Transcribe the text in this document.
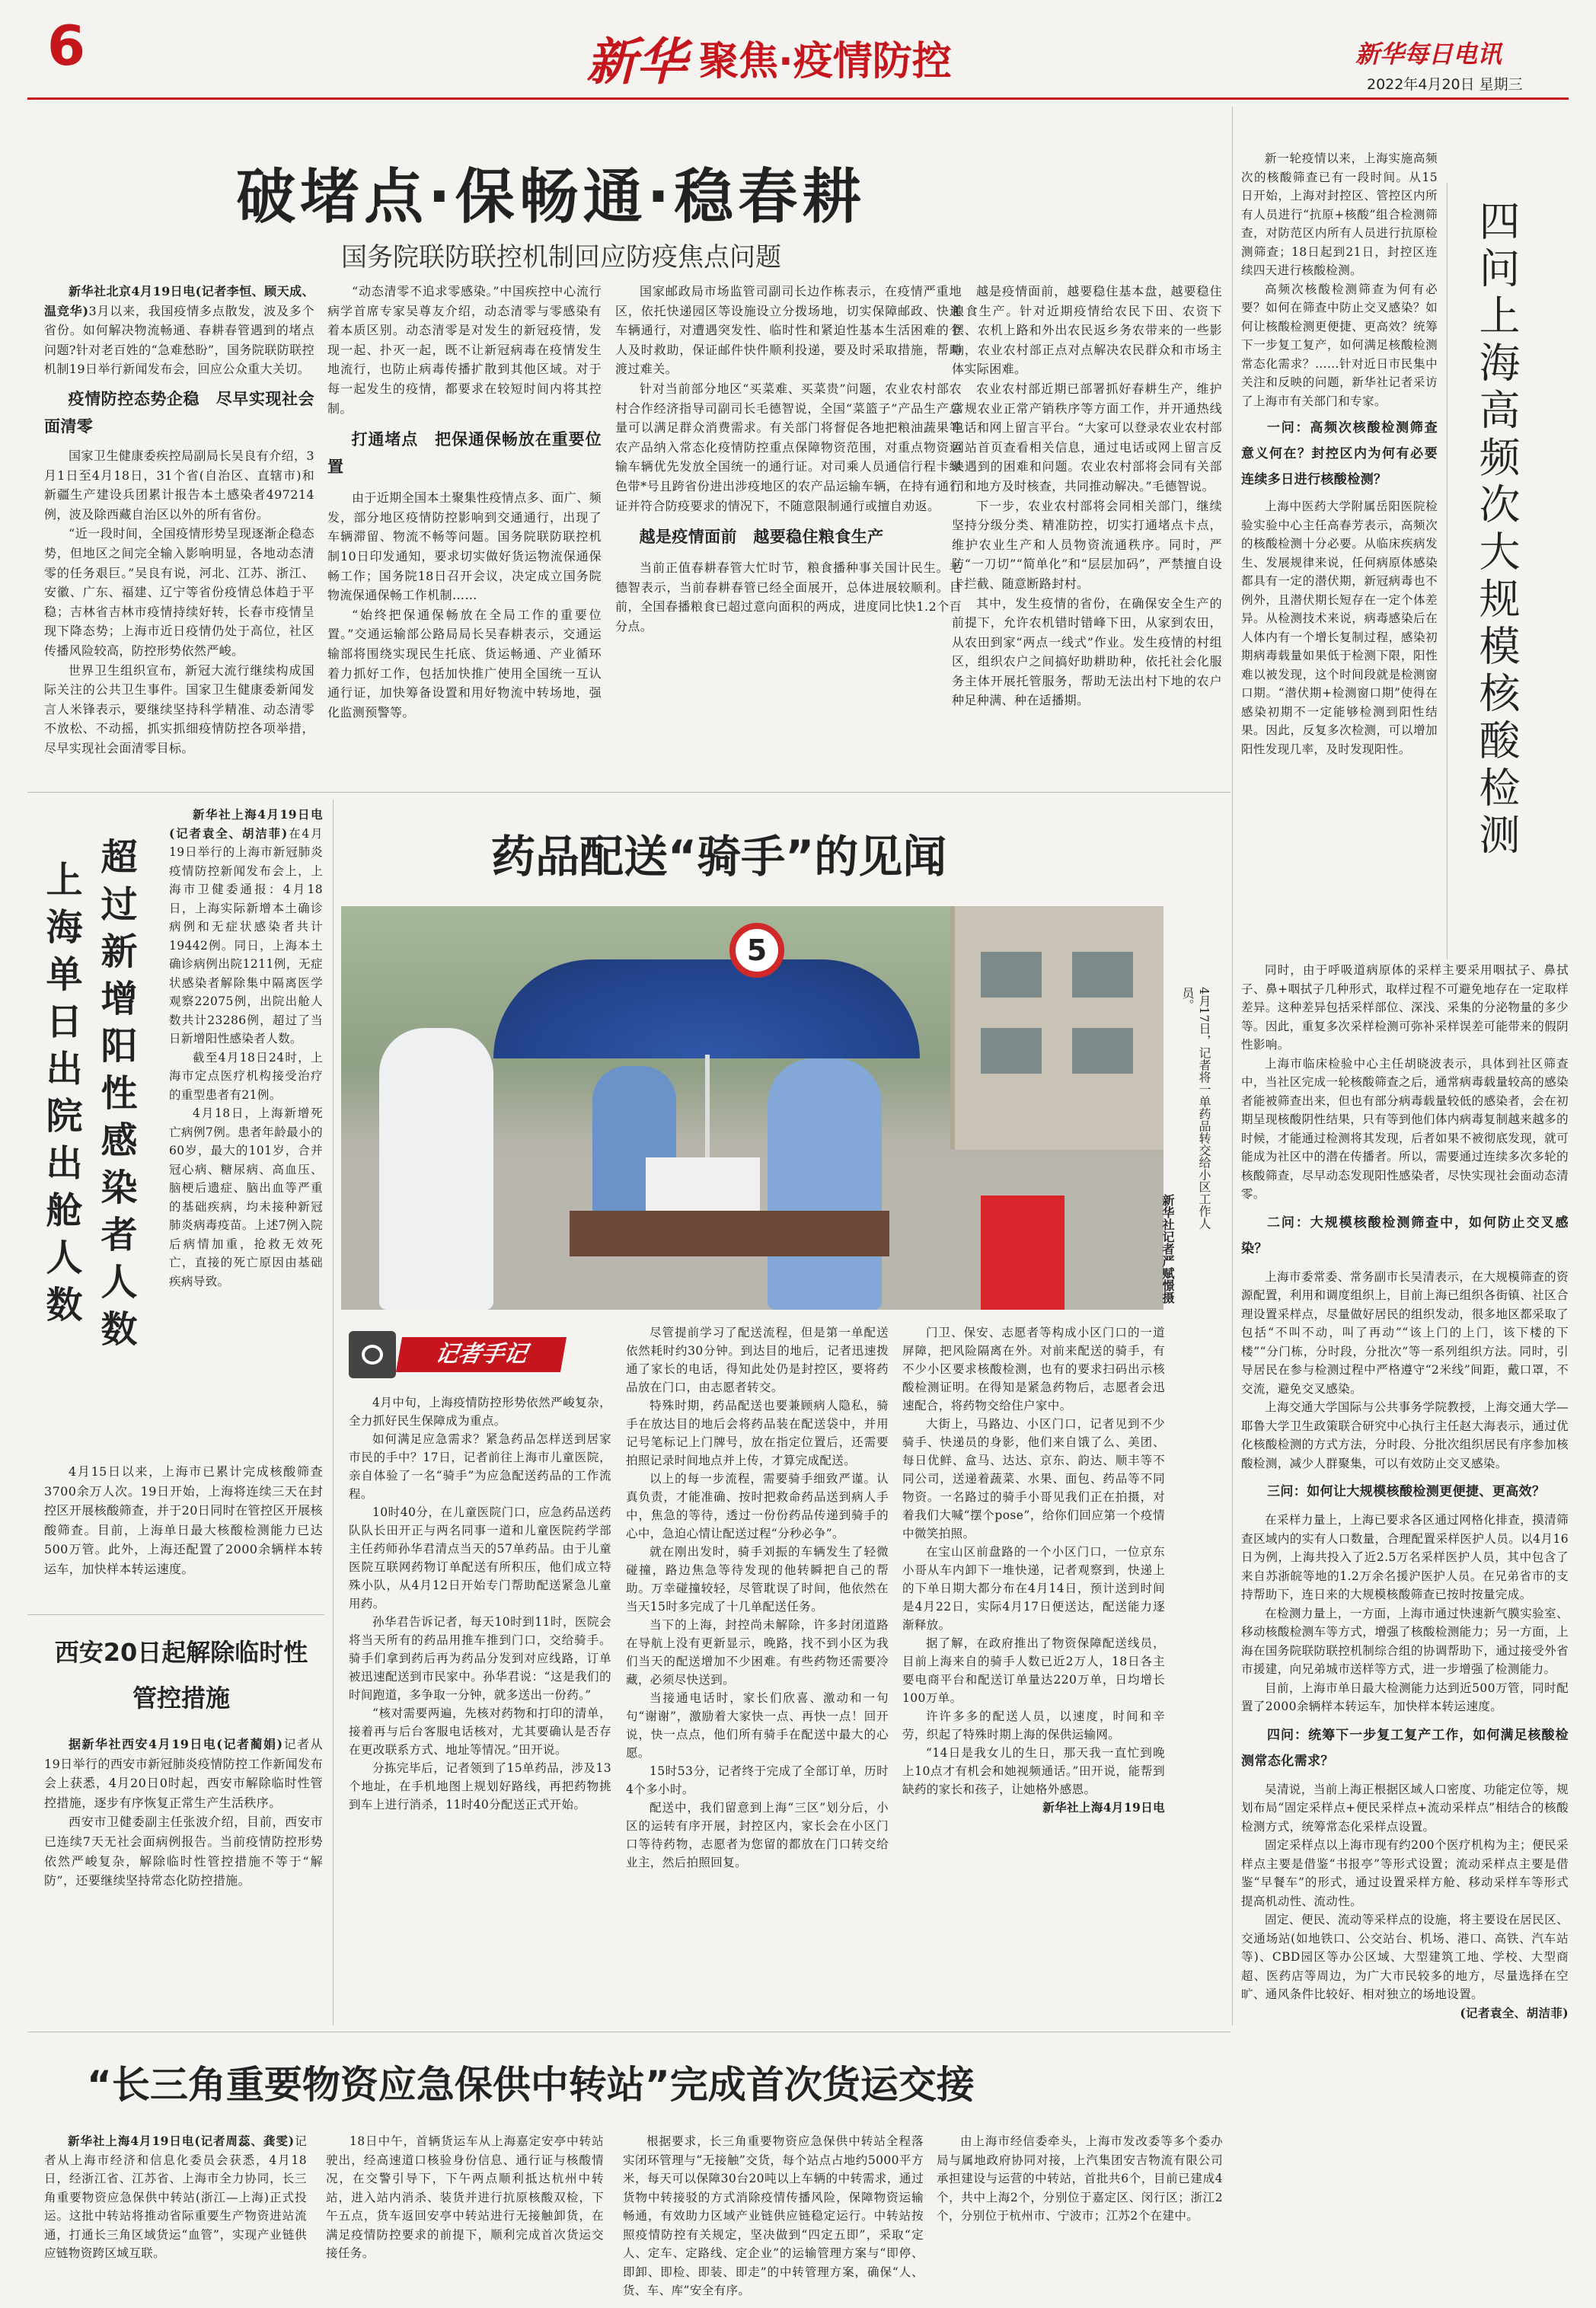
6	新华 聚焦·疫情防控	新华每日电讯
2022年4月20日 星期三
破堵点·保畅通·稳春耕
国务院联防联控机制回应防疫焦点问题

新华社北京4月19日电(记者李恒、顾天成、温竞华)3月以来，我国疫情多点散发，波及多个省份。如何解决物流畅通、春耕春管遇到的堵点问题?针对老百姓的“急难愁盼”，国务院联防联控机制19日举行新闻发布会，回应公众重大关切。

疫情防控态势企稳　尽早实现社会面清零

国家卫生健康委疾控局副局长吴良有介绍，3月1日至4月18日，31个省(自治区、直辖市)和新疆生产建设兵团累计报告本土感染者497214例，波及除西藏自治区以外的所有省份。

“近一段时间，全国疫情形势呈现逐渐企稳态势，但地区之间完全输入影响明显，各地动态清零的任务艰巨。”吴良有说，河北、江苏、浙江、安徽、广东、福建、辽宁等省份疫情总体趋于平稳；吉林省吉林市疫情持续好转，长春市疫情呈现下降态势；上海市近日疫情仍处于高位，社区传播风险较高，防控形势依然严峻。

世界卫生组织宣布，新冠大流行继续构成国际关注的公共卫生事件。国家卫生健康委新闻发言人米锋表示，要继续坚持科学精准、动态清零不放松、不动摇，抓实抓细疫情防控各项举措，尽早实现社会面清零目标。

“动态清零不追求零感染。”中国疾控中心流行病学首席专家吴尊友介绍，动态清零与零感染有着本质区别。动态清零是对发生的新冠疫情，发现一起、扑灭一起，既不让新冠病毒在疫情发生地流行，也防止病毒传播扩散到其他区域。对于每一起发生的疫情，都要求在较短时间内将其控制。

打通堵点　把保通保畅放在重要位置

由于近期全国本土聚集性疫情点多、面广、频发，部分地区疫情防控影响到交通通行，出现了车辆滞留、物流不畅等问题。国务院联防联控机制10日印发通知，要求切实做好货运物流保通保畅工作；国务院18日召开会议，决定成立国务院物流保通保畅工作机制……

“始终把保通保畅放在全局工作的重要位置。”交通运输部公路局局长吴春耕表示，交通运输部将围绕实现民生托底、货运畅通、产业循环着力抓好工作，包括加快推广使用全国统一互认通行证，加快筹备设置和用好物流中转场地，强化监测预警等。

国家邮政局市场监管司副司长边作栋表示，在疫情严重地区，依托快递园区等设施设立分拨场地，切实保障邮政、快递车辆通行，对遭遇突发性、临时性和紧迫性基本生活困难的个人及时救助，保证邮件快件顺利投递，要及时采取措施，帮助渡过难关。

针对当前部分地区“买菜难、买菜贵”问题，农业农村部农村合作经济指导司副司长毛德智说，全国“菜篮子”产品生产总量可以满足群众消费需求。有关部门将督促各地把粮油蔬果等农产品纳入常态化疫情防控重点保障物资范围，对重点物资运输车辆优先发放全国统一的通行证。对司乘人员通信行程卡绿色带*号且跨省份进出涉疫地区的农产品运输车辆，在持有通行证并符合防疫要求的情况下，不随意限制通行或擅自劝返。

越是疫情面前　越要稳住粮食生产

当前正值春耕春管大忙时节，粮食播种事关国计民生。毛德智表示，当前春耕春管已经全面展开，总体进展较顺利。目前，全国春播粮食已超过意向面积的两成，进度同比快1.2个百分点。

越是疫情面前，越要稳住基本盘，越要稳住粮食生产。针对近期疫情给农民下田、农资下摆、农机上路和外出农民返乡务农带来的一些影响，农业农村部正点对点解决农民群众和市场主体实际困难。

农业农村部近期已部署抓好春耕生产，维护常规农业正常产销秩序等方面工作，并开通热线电话和网上留言平台。“大家可以登录农业农村部网站首页查看相关信息，通过电话或网上留言反映遇到的困难和问题。农业农村部将会同有关部门和地方及时核查，共同推动解决。”毛德智说。

下一步，农业农村部将会同相关部门，继续坚持分级分类、精准防控，切实打通堵点卡点，维护农业生产和人员物资流通秩序。同时，严防“一刀切”“简单化”和“层层加码”，严禁擅自设卡拦截、随意断路封村。

其中，发生疫情的省份，在确保安全生产的前提下，允许农机错时错峰下田，从家到农田，从农田到家“两点一线式”作业。发生疫情的村组区，组织农户之间搞好助耕助种，依托社会化服务主体开展托管服务，帮助无法出村下地的农户种足种满、种在适播期。

上海单日出院出舱人数 超过新增阳性感染者人数

新华社上海4月19日电(记者袁全、胡洁菲)在4月19日举行的上海市新冠肺炎疫情防控新闻发布会上，上海市卫健委通报：4月18日，上海实际新增本土确诊病例和无症状感染者共计19442例。同日，上海本土确诊病例出院1211例，无症状感染者解除集中隔离医学观察22075例，出院出舱人数共计23286例，超过了当日新增阳性感染者人数。

截至4月18日24时，上海市定点医疗机构接受治疗的重型患者有21例。

4月18日，上海新增死亡病例7例。患者年龄最小的60岁，最大的101岁，合并冠心病、糖尿病、高血压、脑梗后遗症、脑出血等严重的基础疾病，均未接种新冠肺炎病毒疫苗。上述7例入院后病情加重，抢救无效死亡，直接的死亡原因由基础疾病导致。

4月15日以来，上海市已累计完成核酸筛查3700余万人次。19日开始，上海将连续三天在封控区开展核酸筛查，并于20日同时在管控区开展核酸筛查。目前，上海单日最大核酸检测能力已达500万管。此外，上海还配置了2000余辆样本转运车，加快样本转运速度。

西安20日起解除临时性管控措施

据新华社西安4月19日电(记者蔺娟)记者从19日举行的西安市新冠肺炎疫情防控工作新闻发布会上获悉，4月20日0时起，西安市解除临时性管控措施，逐步有序恢复正常生产生活秩序。

西安市卫健委副主任张波介绍，目前，西安市已连续7天无社会面病例报告。当前疫情防控形势依然严峻复杂，解除临时性管控措施不等于“解防”，还要继续坚持常态化防控措施。

药品配送“骑手”的见闻
5
4月17日，记者将一单药品转交给小区工作人员。
新华社记者严赋憬摄
记者手记

4月中旬，上海疫情防控形势依然严峻复杂，全力抓好民生保障成为重点。

如何满足应急需求？紧急药品怎样送到居家市民的手中？17日，记者前往上海市儿童医院，亲自体验了一名“骑手”为应急配送药品的工作流程。

10时40分，在儿童医院门口，应急药品送药队队长田开正与两名同事一道和儿童医院药学部主任药师孙华君清点当天的57单药品。由于儿童医院互联网药物订单配送有所积压，他们成立特殊小队，从4月12日开始专门帮助配送紧急儿童用药。

孙华君告诉记者，每天10时到11时，医院会将当天所有的药品用推车推到门口，交给骑手。骑手们拿到药后再为药品分发到对应线路，订单被迅速配送到市民家中。孙华君说：“这是我们的时间跑道，多争取一分钟，就多送出一份药。”

“核对需要两遍，先核对药物和打印的清单，接着再与后台客服电话核对，尤其要确认是否存在更改联系方式、地址等情况。”田开说。

分拣完毕后，记者领到了15单药品，涉及13个地址，在手机地图上规划好路线，再把药物挑到车上进行消杀，11时40分配送正式开始。

尽管提前学习了配送流程，但是第一单配送依然耗时约30分钟。到达目的地后，记者迅速拨通了家长的电话，得知此处仍是封控区，要将药品放在门口，由志愿者转交。

特殊时期，药品配送也要兼顾病人隐私，骑手在放达目的地后会将药品装在配送袋中，并用记号笔标记上门牌号，放在指定位置后，还需要拍照记录时间地点并上传，才算完成配送。

以上的每一步流程，需要骑手细致严谨。认真负责，才能准确、按时把救命药品送到病人手中，焦急的等待，透过一份份药品传递到骑手的心中，急迫心情让配送过程“分秒必争”。

就在刚出发时，骑手刘振的车辆发生了轻微碰撞，路边焦急等待发现的他转瞬把自己的帮助。万幸碰撞较轻，尽管耽误了时间，他依然在当天15时多完成了十几单配送任务。

当下的上海，封控尚未解除，许多封闭道路在导航上没有更新显示，晚路，找不到小区为我们当天的配送增加不少困难。有些药物还需要冷藏，必须尽快送到。

当接通电话时，家长们欣喜、激动和一句句“谢谢”，激励着大家快一点、再快一点！回开说，快一点点，他们所有骑手在配送中最大的心愿。

15时53分，记者终于完成了全部订单，历时4个多小时。

配送中，我们留意到上海“三区”划分后，小区的运转有序开展，封控区内，家长会在小区门口等待药物，志愿者为您留的都放在门口转交给业主，然后拍照回复。

门卫、保安、志愿者等构成小区门口的一道屏障，把风险隔离在外。对前来配送的骑手，有不少小区要求核酸检测，也有的要求扫码出示核酸检测证明。在得知是紧急药物后，志愿者会迅速配合，将药物交给住户家中。

大街上，马路边、小区门口，记者见到不少骑手、快递员的身影，他们来自饿了么、美团、每日优鲜、盒马、达达、京东、韵达、顺丰等不同公司，送递着蔬菜、水果、面包、药品等不同物资。一名路过的骑手小哥见我们正在拍摄，对着我们大喊“摆个pose”，给你们回应第一个疫情中微笑拍照。

在宝山区前盘路的一个小区门口，一位京东小哥从车内卸下一堆快递，记者观察到，快递上的下单日期大都分布在4月14日，预计送到时间是4月22日，实际4月17日便送达，配送能力逐渐释放。

据了解，在政府推出了物资保障配送线员，目前上海来自的骑手人数已近2万人，18日各主要电商平台和配送订单量达220万单，日均增长100万单。

许许多多的配送人员，以速度，时间和辛劳，织起了特殊时期上海的保供运输网。

“14日是我女儿的生日，那天我一直忙到晚上10点才有机会和她视频通话。”田开说，能帮到缺药的家长和孩子，让她格外感恩。

新华社上海4月19日电

四问上海高频次大规模核酸检测

新一轮疫情以来，上海实施高频次的核酸筛查已有一段时间。从15日开始，上海对封控区、管控区内所有人员进行“抗原+核酸”组合检测筛查，对防范区内所有人员进行抗原检测筛查；18日起到21日，封控区连续四天进行核酸检测。

高频次核酸检测筛查为何有必要？如何在筛查中防止交叉感染？如何让核酸检测更便捷、更高效？统筹下一步复工复产，如何满足核酸检测常态化需求？……针对近日市民集中关注和反映的问题，新华社记者采访了上海市有关部门和专家。

一问：高频次核酸检测筛查意义何在？封控区内为何有必要连续多日进行核酸检测？

上海中医药大学附属岳阳医院检验实验中心主任高春芳表示，高频次的核酸检测十分必要。从临床疾病发生、发展规律来说，任何病原体感染都具有一定的潜伏期，新冠病毒也不例外，且潜伏期长短存在一定个体差异。从检测技术来说，病毒感染后在人体内有一个增长复制过程，感染初期病毒载量如果低于检测下限，阳性难以被发现，这个时间段就是检测窗口期。“潜伏期+检测窗口期”使得在感染初期不一定能够检测到阳性结果。因此，反复多次检测，可以增加阳性发现几率，及时发现阳性。

同时，由于呼吸道病原体的采样主要采用咽拭子、鼻拭子、鼻+咽拭子几种形式，取样过程不可避免地存在一定取样差异。这种差异包括采样部位、深浅、采集的分泌物量的多少等。因此，重复多次采样检测可弥补采样误差可能带来的假阴性影响。

上海市临床检验中心主任胡晓波表示，具体到社区筛查中，当社区完成一轮核酸筛查之后，通常病毒载量较高的感染者能被筛查出来，但也有部分病毒载量较低的感染者，会在初期呈现核酸阴性结果，只有等到他们体内病毒复制越来越多的时候，才能通过检测将其发现，后者如果不被彻底发现，就可能成为社区中的潜在传播者。所以，需要通过连续多次多轮的核酸筛查，尽早动态发现阳性感染者，尽快实现社会面动态清零。

二问：大规模核酸检测筛查中，如何防止交叉感染？

上海市委常委、常务副市长吴清表示，在大规模筛查的资源配置，利用和调度组织上，目前上海已组织各街镇、社区合理设置采样点，尽量做好居民的组织发动，很多地区都采取了包括“不叫不动，叫了再动”“该上门的上门，该下楼的下楼”“分门栋，分时段，分批次”等一系列组织方法。同时，引导居民在参与检测过程中严格遵守“2米线”间距，戴口罩，不交流，避免交叉感染。

上海交通大学国际与公共事务学院教授，上海交通大学—耶鲁大学卫生政策联合研究中心执行主任赵大海表示，通过优化核酸检测的方式方法，分时段、分批次组织居民有序参加核酸检测，减少人群聚集，可以有效防止交叉感染。

三问：如何让大规模核酸检测更便捷、更高效？

在采样力量上，上海已要求各区通过网格化排查，摸清筛查区域内的实有人口数量，合理配置采样医护人员。以4月16日为例，上海共投入了近2.5万名采样医护人员，其中包含了来自苏浙皖等地的1.2万余名援沪医护人员。在兄弟省市的支持帮助下，连日来的大规模核酸筛查已按时按量完成。

在检测力量上，一方面，上海市通过快速新气膜实验室、移动核酸检测车等方式，增强了核酸检测能力；另一方面，上海在国务院联防联控机制综合组的协调帮助下，通过接受外省市援建，向兄弟城市送样等方式，进一步增强了检测能力。

目前，上海市单日最大检测能力达到近500万管，同时配置了2000余辆样本转运车，加快样本转运速度。

四问：统筹下一步复工复产工作，如何满足核酸检测常态化需求？

吴清说，当前上海正根据区域人口密度、功能定位等，规划布局“固定采样点+便民采样点+流动采样点”相结合的核酸检测方式，统筹常态化采样点设置。

固定采样点以上海市现有约200个医疗机构为主；便民采样点主要是借鉴“书报亭”等形式设置；流动采样点主要是借鉴“早餐车”的形式，通过设置采样方舱、移动采样车等形式提高机动性、流动性。

固定、便民、流动等采样点的设施，将主要设在居民区、交通场站(如地铁口、公交站台、机场、港口、高铁、汽车站等)、CBD园区等办公区域、大型建筑工地、学校、大型商超、医药店等周边，为广大市民较多的地方，尽量选择在空旷、通风条件比较好、相对独立的场地设置。

(记者袁全、胡洁菲)

“长三角重要物资应急保供中转站”完成首次货运交接

新华社上海4月19日电(记者周蕊、龚雯)记者从上海市经济和信息化委员会获悉，4月18日，经浙江省、江苏省、上海市全力协同，长三角重要物资应急保供中转站(浙江—上海)正式投运。这批中转站将推动省际重要生产物资进站流通，打通长三角区域货运“血管”，实现产业链供应链物资跨区域互联。

18日中午，首辆货运车从上海嘉定安亭中转站驶出，经高速道口核验身份信息、通行证与核酸情况，在交警引导下，下午两点顺利抵达杭州中转站，进入站内消杀、装货并进行抗原核酸双检，下午五点，货车返回安亭中转站进行无接触卸货，在满足疫情防控要求的前提下，顺利完成首次货运交接任务。

根据要求，长三角重要物资应急保供中转站全程落实闭环管理与“无接触”交货，每个站点占地约5000平方米，每天可以保障30台20吨以上车辆的中转需求，通过货物中转接驳的方式消除疫情传播风险，保障物资运输畅通，有效助力区域产业链供应链稳定运行。中转站按照疫情防控有关规定，坚决做到“四定五即”，采取“定人、定车、定路线、定企业”的运输管理方案与“即停、即卸、即检、即装、即走”的中转管理方案，确保“人、货、车、库”安全有序。

由上海市经信委牵头，上海市发改委等多个委办局与属地政府协同对接，上汽集团安吉物流有限公司承担建设与运营的中转站，首批共6个，目前已建成4个，共中上海2个，分别位于嘉定区、闵行区；浙江2个，分别位于杭州市、宁波市；江苏2个在建中。
